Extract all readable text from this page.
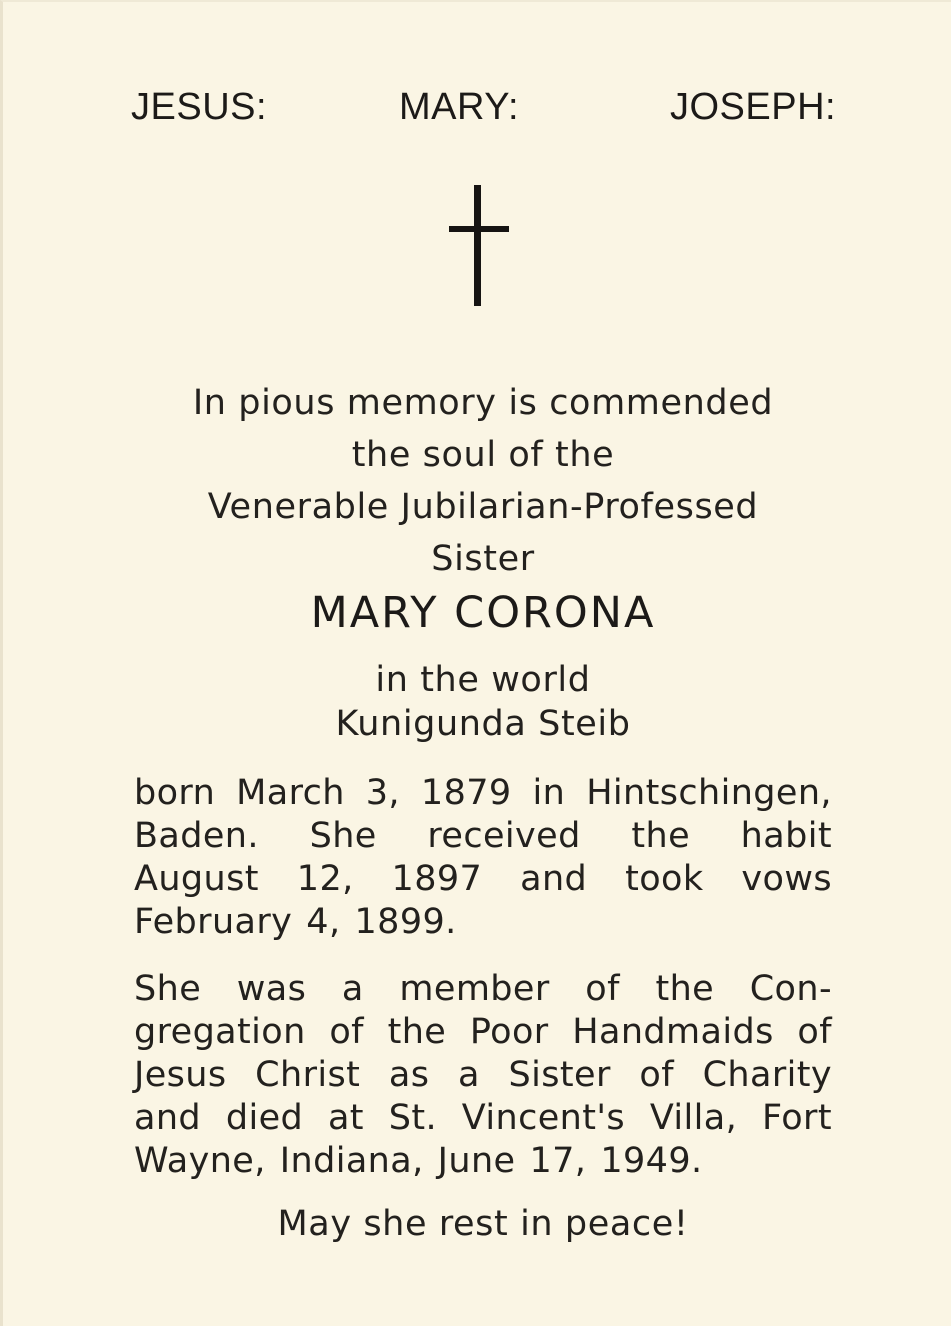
JESUS:	MARY:	JOSEPH:
In pious memory is commended
the soul of the
Venerable Jubilarian-Professed
Sister
MARY CORONA
in the world
Kunigunda Steib
born March 3, 1879 in Hintschingen,
Baden. She received the habit
August 12, 1897 and took vows
February 4, 1899.
She was a member of the Con-
gregation of the Poor Handmaids of
Jesus Christ as a Sister of Charity
and died at St. Vincent's Villa, Fort
Wayne, Indiana, June 17, 1949.
May she rest in peace!
